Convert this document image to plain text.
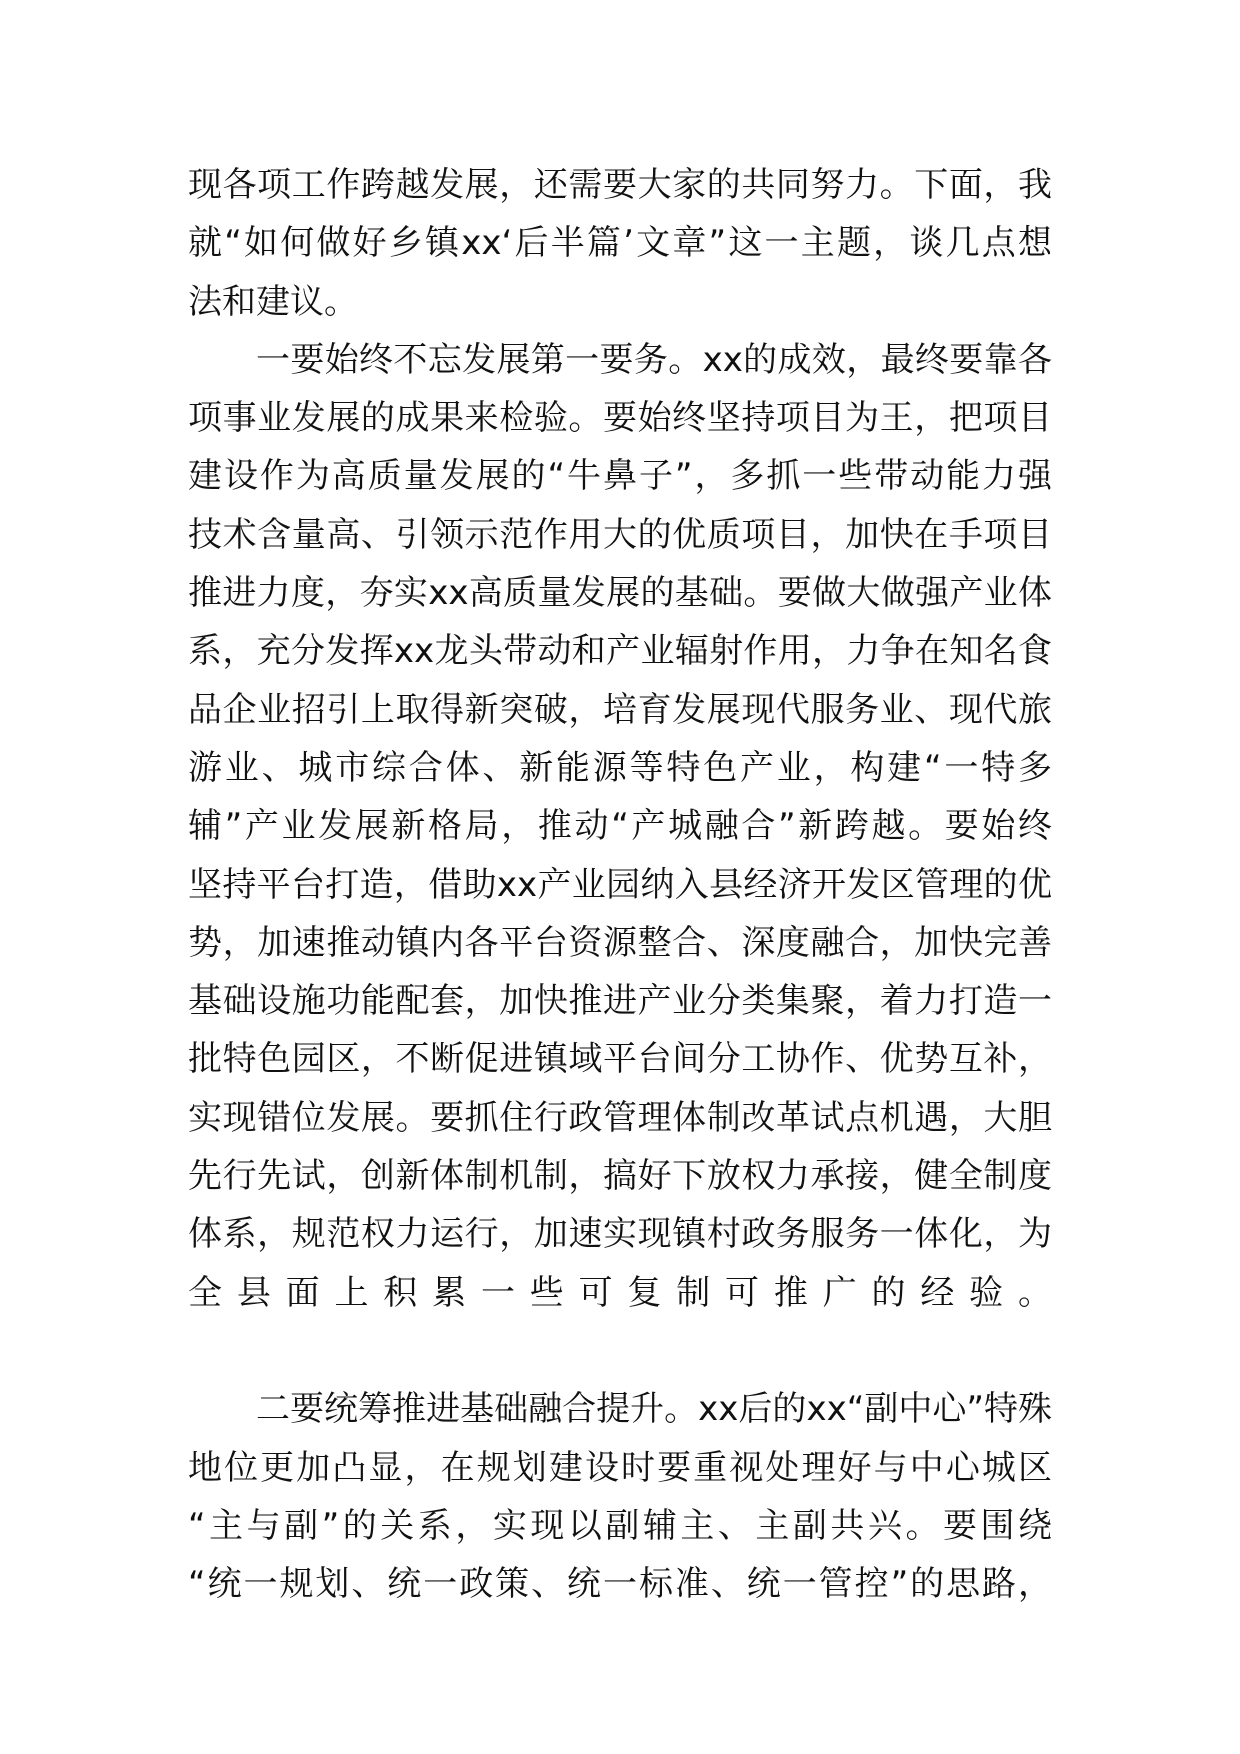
现各项工作跨越发展，还需要大家的共同努力。下面，我
就“如何做好乡镇xx‘后半篇’文章”这一主题，谈几点想
法和建议。
一要始终不忘发展第一要务。xx的成效，最终要靠各
项事业发展的成果来检验。要始终坚持项目为王，把项目
建设作为高质量发展的“牛鼻子”，多抓一些带动能力强
技术含量高、引领示范作用大的优质项目，加快在手项目
推进力度，夯实xx高质量发展的基础。要做大做强产业体
系，充分发挥xx龙头带动和产业辐射作用，力争在知名食
品企业招引上取得新突破，培育发展现代服务业、现代旅
游业、城市综合体、新能源等特色产业，构建“一特多
辅”产业发展新格局，推动“产城融合”新跨越。要始终
坚持平台打造，借助xx产业园纳入县经济开发区管理的优
势，加速推动镇内各平台资源整合、深度融合，加快完善
基础设施功能配套，加快推进产业分类集聚，着力打造一
批特色园区，不断促进镇域平台间分工协作、优势互补，
实现错位发展。要抓住行政管理体制改革试点机遇，大胆
先行先试，创新体制机制，搞好下放权力承接，健全制度
体系，规范权力运行，加速实现镇村政务服务一体化，为
全县面上积累一些可复制可推广的经验。
二要统筹推进基础融合提升。xx后的xx“副中心”特殊
地位更加凸显，在规划建设时要重视处理好与中心城区
“主与副”的关系，实现以副辅主、主副共兴。要围绕
“统一规划、统一政策、统一标准、统一管控”的思路，
